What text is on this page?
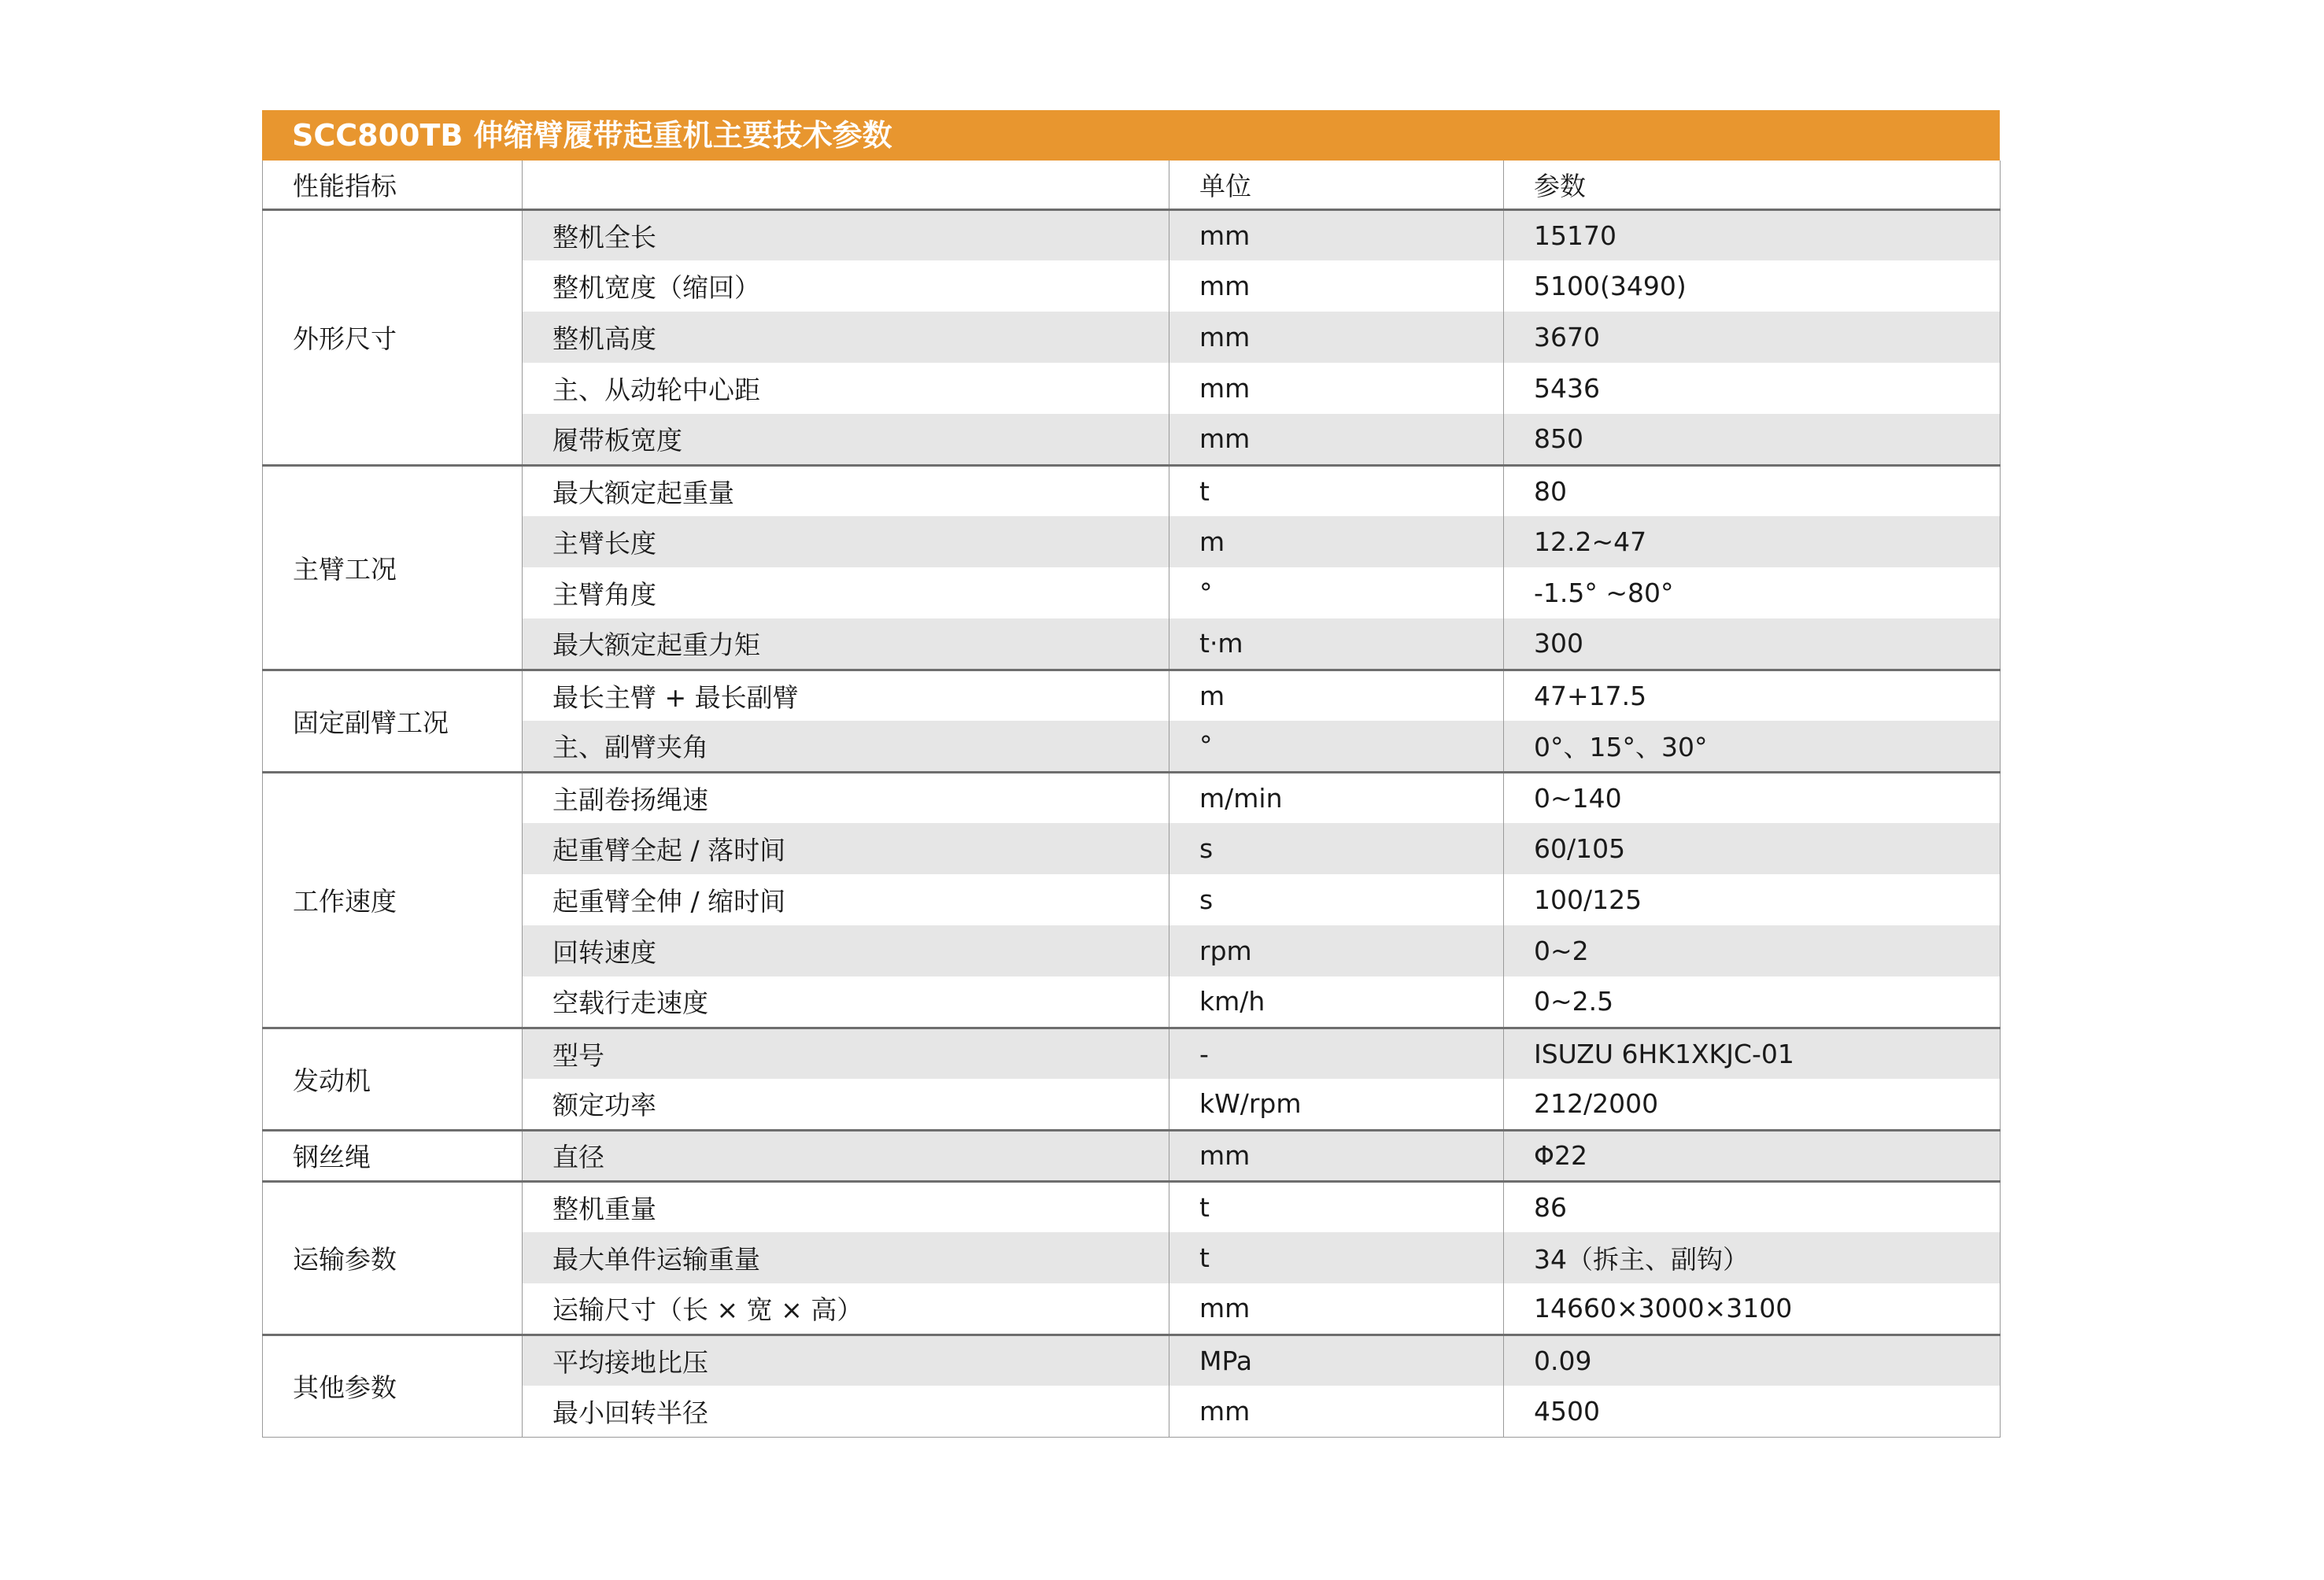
SCC800TB 伸缩臂履带起重机主要技术参数
性能指标		单位	参数
外形尺寸	整机全长	mm	15170
	整机宽度（缩回）	mm	5100(3490)
	整机高度	mm	3670
	主、从动轮中心距	mm	5436
	履带板宽度	mm	850
主臂工况	最大额定起重量	t	80
	主臂长度	m	12.2~47
	主臂角度	°	-1.5° ~80°
	最大额定起重力矩	t·m	300
固定副臂工况	最长主臂 + 最长副臂	m	47+17.5
	主、副臂夹角	°	0°、15°、30°
工作速度	主副卷扬绳速	m/min	0~140
	起重臂全起 / 落时间	s	60/105
	起重臂全伸 / 缩时间	s	100/125
	回转速度	rpm	0~2
	空载行走速度	km/h	0~2.5
发动机	型号	-	ISUZU 6HK1XKJC-01
	额定功率	kW/rpm	212/2000
钢丝绳	直径	mm	Φ22
运输参数	整机重量	t	86
	最大单件运输重量	t	34（拆主、副钩）
	运输尺寸（长 × 宽 × 高）	mm	14660×3000×3100
其他参数	平均接地比压	MPa	0.09
	最小回转半径	mm	4500
